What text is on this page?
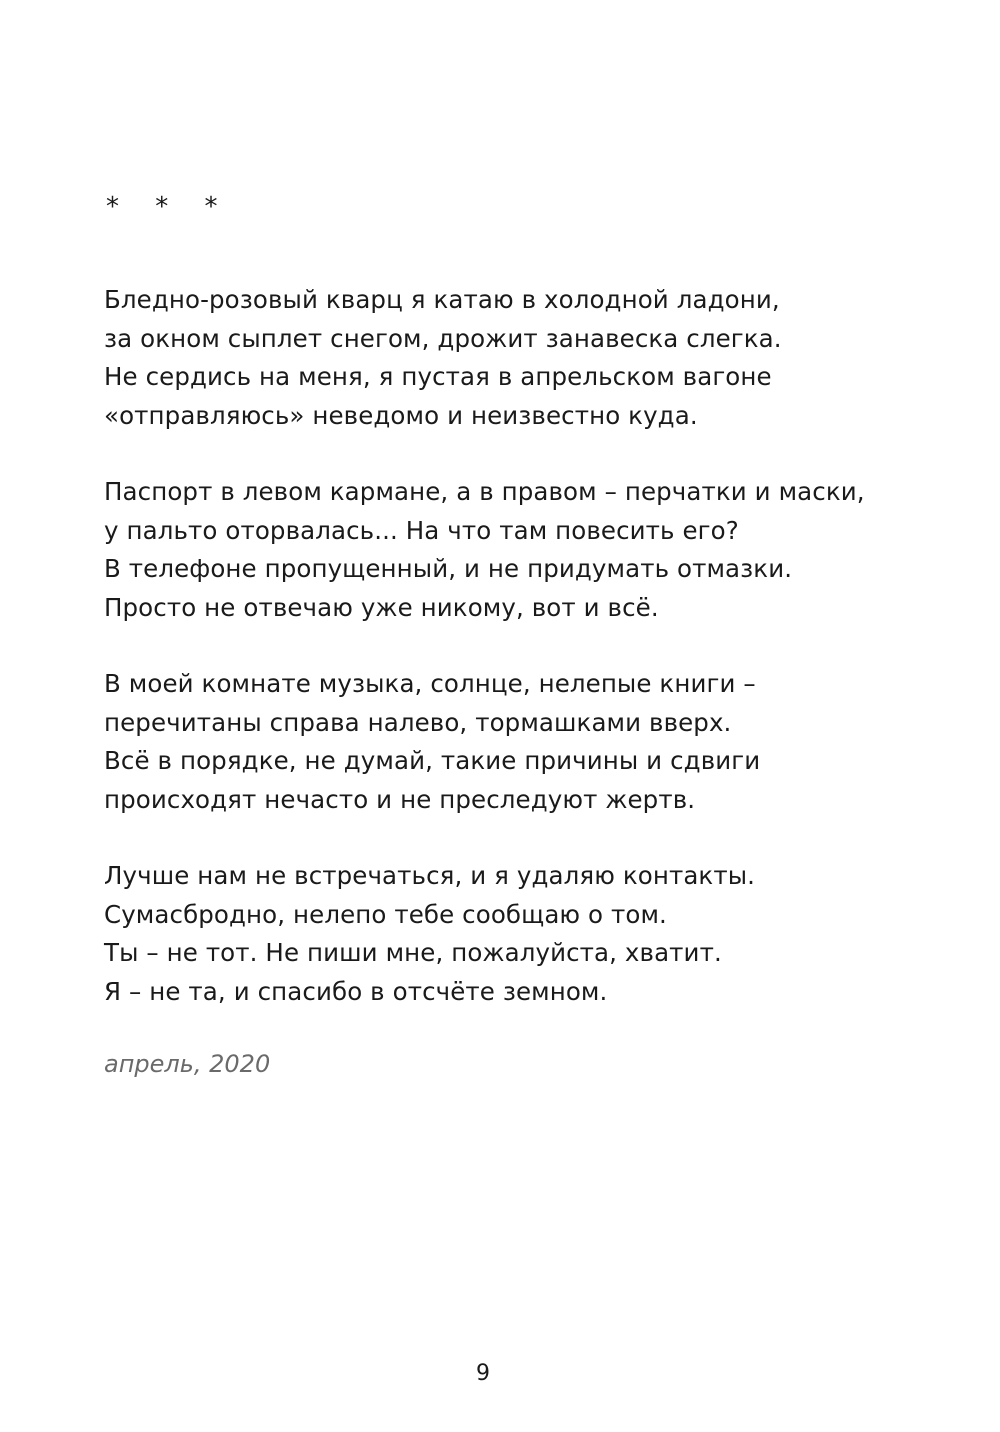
* * *
Бледно-розовый кварц я катаю в холодной ладони,
за окном сыплет снегом, дрожит занавеска слегка.
Не сердись на меня, я пустая в апрельском вагоне
«отправляюсь» неведомо и неизвестно куда.
Паспорт в левом кармане, а в правом – перчатки и маски,
у пальто оторвалась... На что там повесить его?
В телефоне пропущенный, и не придумать отмазки.
Просто не отвечаю уже никому, вот и всё.
В моей комнате музыка, солнце, нелепые книги –
перечитаны справа налево, тормашками вверх.
Всё в порядке, не думай, такие причины и сдвиги
происходят нечасто и не преследуют жертв.
Лучше нам не встречаться, и я удаляю контакты.
Сумасбродно, нелепо тебе сообщаю о том.
Ты – не тот. Не пиши мне, пожалуйста, хватит.
Я – не та, и спасибо в отсчёте земном.
апрель, 2020
9
